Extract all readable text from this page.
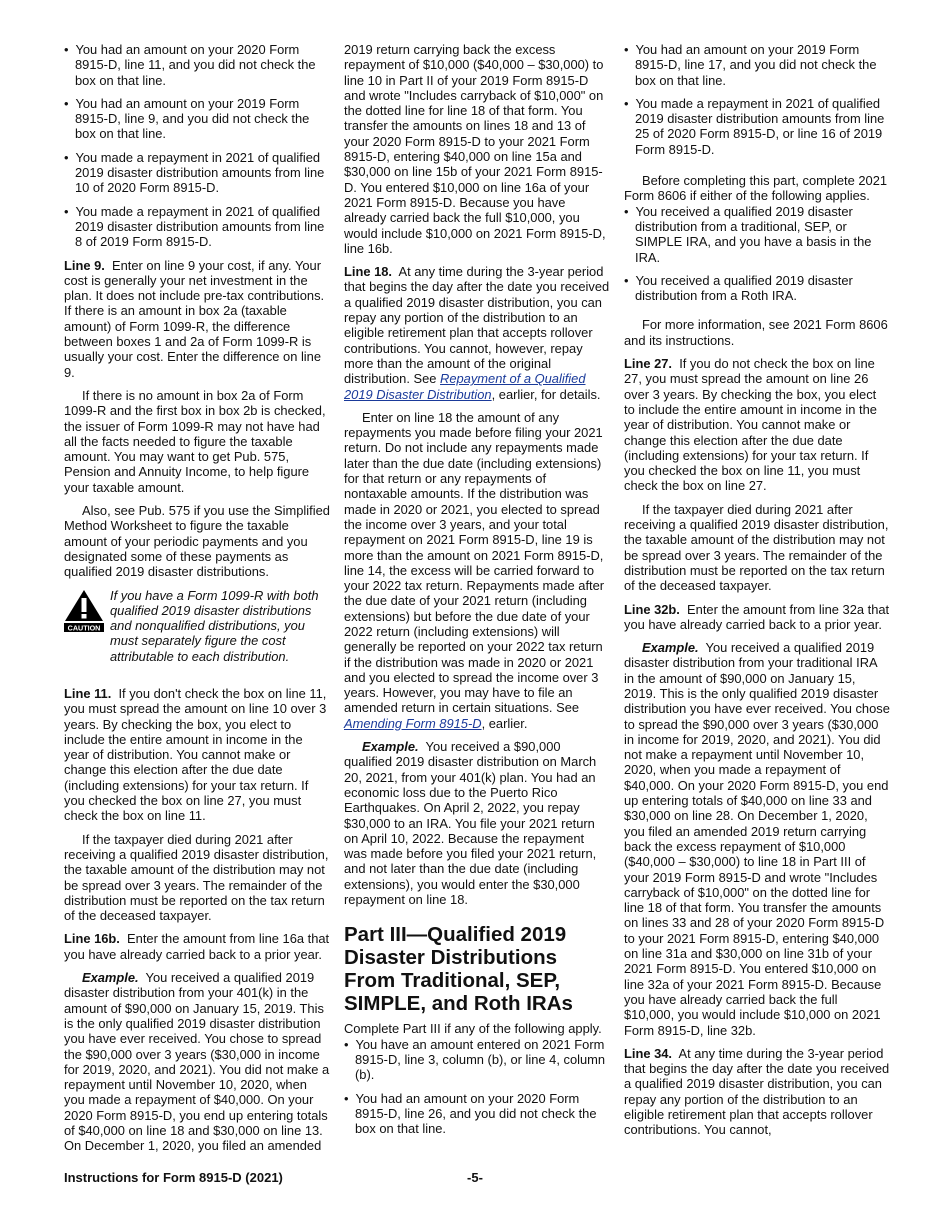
•  You had an amount on your 2020 Form 8915-D, line 11, and you did not check the box on that line.

•  You had an amount on your 2019 Form 8915-D, line 9, and you did not check the box on that line.

•  You made a repayment in 2021 of qualified 2019 disaster distribution amounts from line 10 of 2020 Form 8915-D.

•  You made a repayment in 2021 of qualified 2019 disaster distribution amounts from line 8 of 2019 Form 8915-D.

Line 9. Enter on line 9 your cost, if any. Your cost is generally your net investment in the plan. It does not include pre-tax contributions. If there is an amount in box 2a (taxable amount) of Form 1099-R, the difference between boxes 1 and 2a of Form 1099-R is usually your cost. Enter the difference on line 9.

If there is no amount in box 2a of Form 1099-R and the first box in box 2b is checked, the issuer of Form 1099-R may not have had all the facts needed to figure the taxable amount. You may want to get Pub. 575, Pension and Annuity Income, to help figure your taxable amount.

Also, see Pub. 575 if you use the Simplified Method Worksheet to figure the taxable amount of your periodic payments and you designated some of these payments as qualified 2019 disaster distributions.

CAUTION
If you have a Form 1099-R with both qualified 2019 disaster distributions and nonqualified distributions, you must separately figure the cost attributable to each distribution.

Line 11. If you don't check the box on line 11, you must spread the amount on line 10 over 3 years. By checking the box, you elect to include the entire amount in income in the year of distribution. You cannot make or change this election after the due date (including extensions) for your tax return. If you checked the box on line 27, you must check the box on line 11.

If the taxpayer died during 2021 after receiving a qualified 2019 disaster distribution, the taxable amount of the distribution may not be spread over 3 years. The remainder of the distribution must be reported on the tax return of the deceased taxpayer.

Line 16b. Enter the amount from line 16a that you have already carried back to a prior year.

Example. You received a qualified 2019 disaster distribution from your 401(k) in the amount of $90,000 on January 15, 2019. This is the only qualified 2019 disaster distribution you have ever received. You chose to spread the $90,000 over 3 years ($30,000 in income for 2019, 2020, and 2021). You did not make a repayment until November 10, 2020, when you made a repayment of $40,000. On your 2020 Form 8915-D, you end up entering totals of $40,000 on line 18 and $30,000 on line 13. On December 1, 2020, you filed an amended

2019 return carrying back the excess repayment of $10,000 ($40,000 – $30,000) to line 10 in Part II of your 2019 Form 8915-D and wrote "Includes carryback of $10,000" on the dotted line for line 18 of that form. You transfer the amounts on lines 18 and 13 of your 2020 Form 8915-D to your 2021 Form 8915-D, entering $40,000 on line 15a and $30,000 on line 15b of your 2021 Form 8915-D. You entered $10,000 on line 16a of your 2021 Form 8915-D. Because you have already carried back the full $10,000, you would include $10,000 on 2021 Form 8915-D, line 16b.

Line 18. At any time during the 3-year period that begins the day after the date you received a qualified 2019 disaster distribution, you can repay any portion of the distribution to an eligible retirement plan that accepts rollover contributions. You cannot, however, repay more than the amount of the original distribution. See Repayment of a Qualified 2019 Disaster Distribution, earlier, for details.

Enter on line 18 the amount of any repayments you made before filing your 2021 return. Do not include any repayments made later than the due date (including extensions) for that return or any repayments of nontaxable amounts. If the distribution was made in 2020 or 2021, you elected to spread the income over 3 years, and your total repayment on 2021 Form 8915-D, line 19 is more than the amount on 2021 Form 8915-D, line 14, the excess will be carried forward to your 2022 tax return. Repayments made after the due date of your 2021 return (including extensions) but before the due date of your 2022 return (including extensions) will generally be reported on your 2022 tax return if the distribution was made in 2020 or 2021 and you elected to spread the income over 3 years. However, you may have to file an amended return in certain situations. See Amending Form 8915-D, earlier.

Example. You received a $90,000 qualified 2019 disaster distribution on March 20, 2021, from your 401(k) plan. You had an economic loss due to the Puerto Rico Earthquakes. On April 2, 2022, you repay $30,000 to an IRA. You file your 2021 return on April 10, 2022. Because the repayment was made before you filed your 2021 return, and not later than the due date (including extensions), you would enter the $30,000 repayment on line 18.

Part III—Qualified 2019 Disaster Distributions From Traditional, SEP, SIMPLE, and Roth IRAs

Complete Part III if any of the following apply.

•  You have an amount entered on 2021 Form 8915-D, line 3, column (b), or line 4, column (b).

•  You had an amount on your 2020 Form 8915-D, line 26, and you did not check the box on that line.

•  You had an amount on your 2019 Form 8915-D, line 17, and you did not check the box on that line.

•  You made a repayment in 2021 of qualified 2019 disaster distribution amounts from line 25 of 2020 Form 8915-D, or line 16 of 2019 Form 8915-D.

Before completing this part, complete 2021 Form 8606 if either of the following applies.

•  You received a qualified 2019 disaster distribution from a traditional, SEP, or SIMPLE IRA, and you have a basis in the IRA.

•  You received a qualified 2019 disaster distribution from a Roth IRA.

For more information, see 2021 Form 8606 and its instructions.

Line 27. If you do not check the box on line 27, you must spread the amount on line 26 over 3 years. By checking the box, you elect to include the entire amount in income in the year of distribution. You cannot make or change this election after the due date (including extensions) for your tax return. If you checked the box on line 11, you must check the box on line 27.

If the taxpayer died during 2021 after receiving a qualified 2019 disaster distribution, the taxable amount of the distribution may not be spread over 3 years. The remainder of the distribution must be reported on the tax return of the deceased taxpayer.

Line 32b. Enter the amount from line 32a that you have already carried back to a prior year.

Example. You received a qualified 2019 disaster distribution from your traditional IRA in the amount of $90,000 on January 15, 2019. This is the only qualified 2019 disaster distribution you have ever received. You chose to spread the $90,000 over 3 years ($30,000 in income for 2019, 2020, and 2021). You did not make a repayment until November 10, 2020, when you made a repayment of $40,000. On your 2020 Form 8915-D, you end up entering totals of $40,000 on line 33 and $30,000 on line 28. On December 1, 2020, you filed an amended 2019 return carrying back the excess repayment of $10,000 ($40,000 – $30,000) to line 18 in Part III of your 2019 Form 8915-D and wrote "Includes carryback of $10,000" on the dotted line for line 18 of that form. You transfer the amounts on lines 33 and 28 of your 2020 Form 8915-D to your 2021 Form 8915-D, entering $40,000 on line 31a and $30,000 on line 31b of your 2021 Form 8915-D. You entered $10,000 on line 32a of your 2021 Form 8915-D. Because you have already carried back the full $10,000, you would include $10,000 on 2021 Form 8915-D, line 32b.

Line 34. At any time during the 3-year period that begins the day after the date you received a qualified 2019 disaster distribution, you can repay any portion of the distribution to an eligible retirement plan that accepts rollover contributions. You cannot,

Instructions for Form 8915-D (2021)	-5-
